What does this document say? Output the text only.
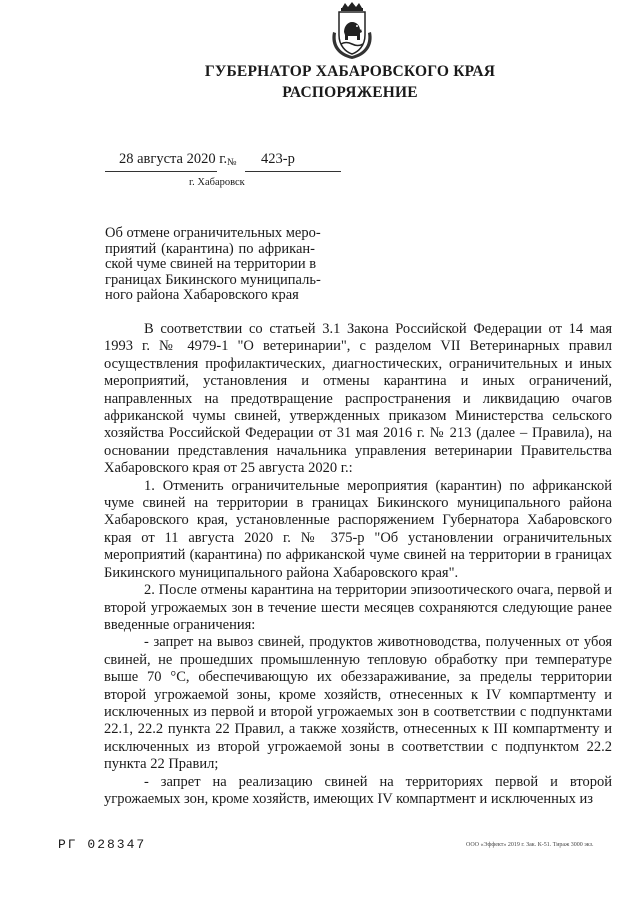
ГУБЕРНАТОР ХАБАРОВСКОГО КРАЯ
РАСПОРЯЖЕНИЕ
28 августа 2020 г. № 423-р
г. Хабаровск
Об отмене ограничительных меро-
приятий (карантина) по африкан-
ской чуме свиней на территории в
границах Бикинского муниципаль-
ного района Хабаровского края

В соответствии со статьей 3.1 Закона Российской Федерации от 14 мая 1993 г. № 4979-1 "О ветеринарии", с разделом VII Ветеринарных правил осуществления профилактических, диагностических, ограничительных и иных мероприятий, установления и отмены карантина и иных ограничений, направленных на предотвращение распространения и ликвидацию очагов африканской чумы свиней, утвержденных приказом Министерства сельского хозяйства Российской Федерации от 31 мая 2016 г. № 213 (далее – Правила), на основании представления начальника управления ветеринарии Правительства Хабаровского края от 25 августа 2020 г.:

1. Отменить ограничительные мероприятия (карантин) по африканской чуме свиней на территории в границах Бикинского муниципального района Хабаровского края, установленные распоряжением Губернатора Хабаровского края от 11 августа 2020 г. № 375-р "Об установлении ограничительных мероприятий (карантина) по африканской чуме свиней на территории в границах Бикинского муниципального района Хабаровского края".

2. После отмены карантина на территории эпизоотического очага, первой и второй угрожаемых зон в течение шести месяцев сохраняются следующие ранее введенные ограничения:

- запрет на вывоз свиней, продуктов животноводства, полученных от убоя свиней, не прошедших промышленную тепловую обработку при температуре выше 70 °С, обеспечивающую их обеззараживание, за пределы территории второй угрожаемой зоны, кроме хозяйств, отнесенных к IV компартменту и исключенных из первой и второй угрожаемых зон в соответствии с подпунктами 22.1, 22.2 пункта 22 Правил, а также хозяйств, отнесенных к III компартменту и исключенных из второй угрожаемой зоны в соответствии с подпунктом 22.2 пункта 22 Правил;

- запрет на реализацию свиней на территориях первой и второй угрожаемых зон, кроме хозяйств, имеющих IV компартмент и исключенных из

РГ 028347	ООО «Эффект» 2019 г. Зак. К-51. Тираж 3000 экз.
